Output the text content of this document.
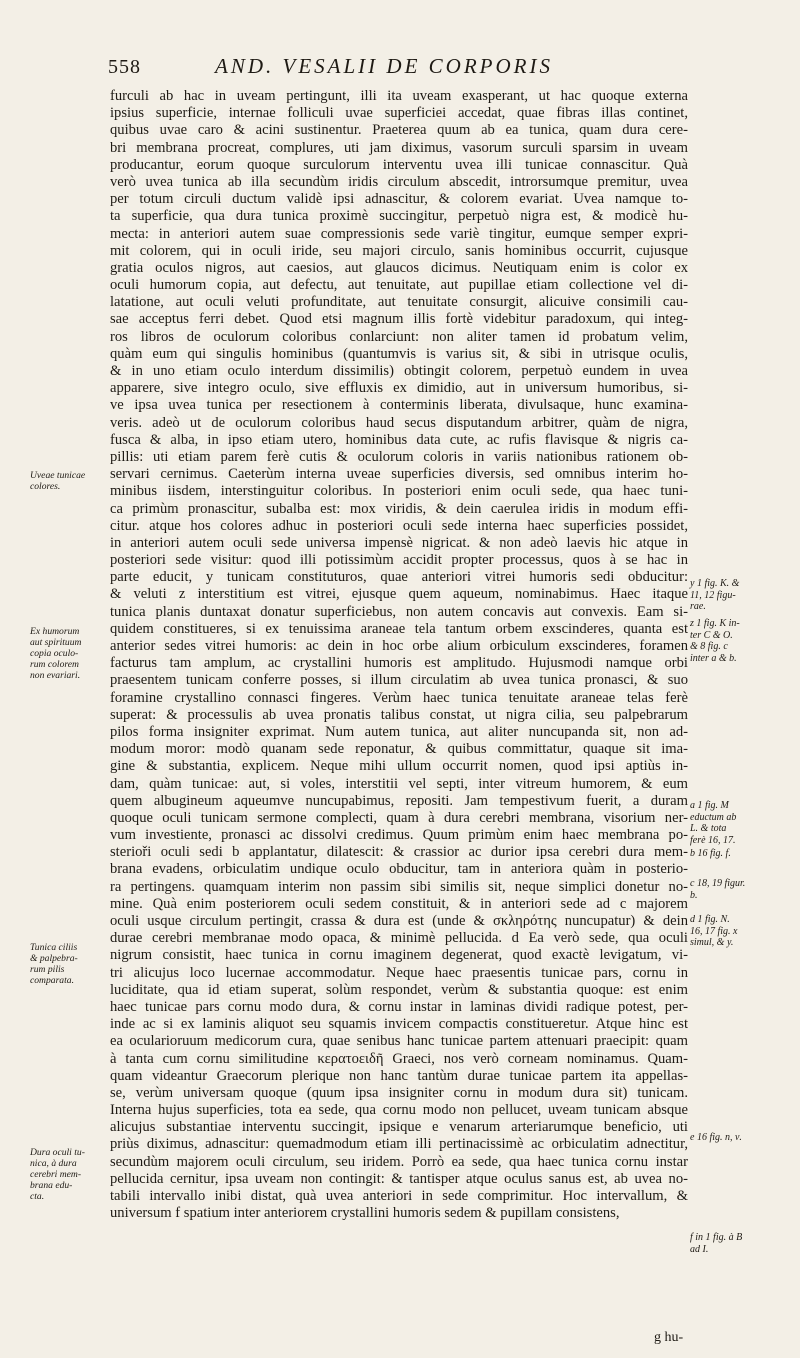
558	AND. VESALII DE CORPORIS
furculi ab hac in uveam pertingunt, illi ita uveam exasperant, ut hac quoque externa
ipsius superficie, internae folliculi uvae superficiei accedat, quae fibras illas continet,
quibus uvae caro & acini sustinentur. Praeterea quum ab ea tunica, quam dura cere-
bri membrana procreat, complures, uti jam diximus, vasorum surculi sparsim in uveam
producantur, eorum quoque surculorum interventu uvea illi tunicae connascitur. Quà
verò uvea tunica ab illa secundùm iridis circulum abscedit, introrsumque premitur, uvea
per totum circuli ductum validè ipsi adnascitur, & colorem evariat. Uvea namque to-
ta superficie, qua dura tunica proximè succingitur, perpetuò nigra est, & modicè hu-
mecta: in anteriori autem suae compressionis sede variè tingitur, eumque semper expri-
mit colorem, qui in oculi iride, seu majori circulo, sanis hominibus occurrit, cujusque
gratia oculos nigros, aut caesios, aut glaucos dicimus. Neutiquam enim is color ex
oculi humorum copia, aut defectu, aut tenuitate, aut pupillae etiam collectione vel di-
latatione, aut oculi veluti profunditate, aut tenuitate consurgit, alicuive consimili cau-
sae acceptus ferri debet. Quod etsi magnum illis fortè videbitur paradoxum, qui integ-
ros libros de oculorum coloribus conlarciunt: non aliter tamen id probatum velim,
quàm eum qui singulis hominibus (quantumvis is varius sit, & sibi in utrisque oculis,
& in uno etiam oculo interdum dissimilis) obtingit colorem, perpetuò eundem in uvea
apparere, sive integro oculo, sive effluxis ex dimidio, aut in universum humoribus, si-
ve ipsa uvea tunica per resectionem à conterminis liberata, divulsaque, hunc examina-
veris. adeò ut de oculorum coloribus haud secus disputandum arbitrer, quàm de nigra,
fusca & alba, in ipso etiam utero, hominibus data cute, ac rufis flavisque & nigris ca-
pillis: uti etiam parem ferè cutis & oculorum coloris in variis nationibus rationem ob-
servari cernimus. Caeterùm interna uveae superficies diversis, sed omnibus interim ho-
minibus iisdem, interstinguitur coloribus. In posteriori enim oculi sede, qua haec tuni-
ca primùm pronascitur, subalba est: mox viridis, & dein caerulea iridis in modum effi-
citur. atque hos colores adhuc in posteriori oculi sede interna haec superficies possidet,
in anteriori autem oculi sede universa impensè nigricat. & non adeò laevis hic atque in
posteriori sede visitur: quod illi potissimùm accidit propter processus, quos à se hac in
parte educit, y tunicam constituturos, quae anteriori vitrei humoris sedi obducitur:
& veluti z interstitium est vitrei, ejusque quem aqueum, nominabimus. Haec itaque
tunica planis duntaxat donatur superficiebus, non autem concavis aut convexis. Eam si-
quidem constitueres, si ex tenuissima araneae tela tantum orbem exscinderes, quanta est
anterior sedes vitrei humoris: ac dein in hoc orbe alium orbiculum exscinderes, foramen
facturus tam amplum, ac crystallini humoris est amplitudo. Hujusmodi namque orbi
praesentem tunicam conferre posses, si illum circulatim ab uvea tunica pronasci, & suo
foramine crystallino connasci fingeres. Verùm haec tunica tenuitate araneae telas ferè
superat: & processulis ab uvea pronatis talibus constat, ut nigra cilia, seu palpebrarum
pilos forma insigniter exprimat. Num autem tunica, aut aliter nuncupanda sit, non ad-
modum moror: modò quanam sede reponatur, & quibus committatur, quaque sit ima-
gine & substantia, explicem. Neque mihi ullum occurrit nomen, quod ipsi aptiùs in-
dam, quàm tunicae: aut, si voles, interstitii vel septi, inter vitreum humorem, & eum
quem albugineum aqueumve nuncupabimus, repositi. Jam tempestivum fuerit, a duram
quoque oculi tunicam sermone complecti, quam à dura cerebri membrana, visorium ner-
vum investiente, pronasci ac dissolvi credimus. Quum primùm enim haec membrana po-
sterioři oculi sedi b applantatur, dilatescit: & crassior ac durior ipsa cerebri dura mem-
brana evadens, orbiculatim undique oculo obducitur, tam in anteriora quàm in posterio-
ra pertingens. quamquam interim non passim sibi similis sit, neque simplici donetur no-
mine. Quà enim posteriorem oculi sedem constituit, & in anteriori sede ad c majorem
oculi usque circulum pertingit, crassa & dura est (unde & σκληρότης nuncupatur) & dein
durae cerebri membranae modo opaca, & minimè pellucida. d Ea verò sede, qua oculi
nigrum consistit, haec tunica in cornu imaginem degenerat, quod exactè levigatum, vi-
tri alicujus loco lucernae accommodatur. Neque haec praesentis tunicae pars, cornu in
luciditate, qua id etiam superat, solùm respondet, verùm & substantia quoque: est enim
haec tunicae pars cornu modo dura, & cornu instar in laminas dividi radique potest, per-
inde ac si ex laminis aliquot seu squamis invicem compactis constitueretur. Atque hinc est
ea ocularioruum medicorum cura, quae senibus hanc tunicae partem attenuari praecipit: quam
à tanta cum cornu similitudine κερατοειδῆ Graeci, nos verò corneam nominamus. Quam-
quam videantur Graecorum plerique non hanc tantùm durae tunicae partem ita appellas-
se, verùm universam quoque (quum ipsa insigniter cornu in modum dura sit) tunicam.
Interna hujus superficies, tota ea sede, qua cornu modo non pellucet, uveam tunicam absque
alicujus substantiae interventu succingit, ipsique e venarum arteriarumque beneficio, uti
priùs diximus, adnascitur: quemadmodum etiam illi pertinacissimè ac orbiculatim adnectitur,
secundùm majorem oculi circulum, seu iridem. Porrò ea sede, qua haec tunica cornu instar
pellucida cernitur, ipsa uveam non contingit: & tantisper atque oculus sanus est, ab uvea no-
tabili intervallo inibi distat, quà uvea anteriori in sede comprimitur. Hoc intervallum, &
universum f spatium inter anteriorem crystallini humoris sedem & pupillam consistens,
Uveae tunicae
colores.
Ex humorum
aut spirituum
copia oculo-
rum colorem
non evariari.
Tunica ciliis
& palpebra-
rum pilis
comparata.
Dura oculi tu-
nica, à dura
cerebri mem-
brana edu-
cta.
y 1 fig. K. &
11, 12 figu-
rae.
z 1 fig. K in-
ter C & O.
& 8 fig. c
inter a & b.
a 1 fig. M
eductum ab
L. & tota
ferè 16, 17.
b 16 fig. f.
c 18, 19 figur.
b.
d 1 fig. N.
16, 17 fig. x
simul, & y.
e 16 fig. n, ν.
f in 1 fig. à B
ad I.
g hu-
